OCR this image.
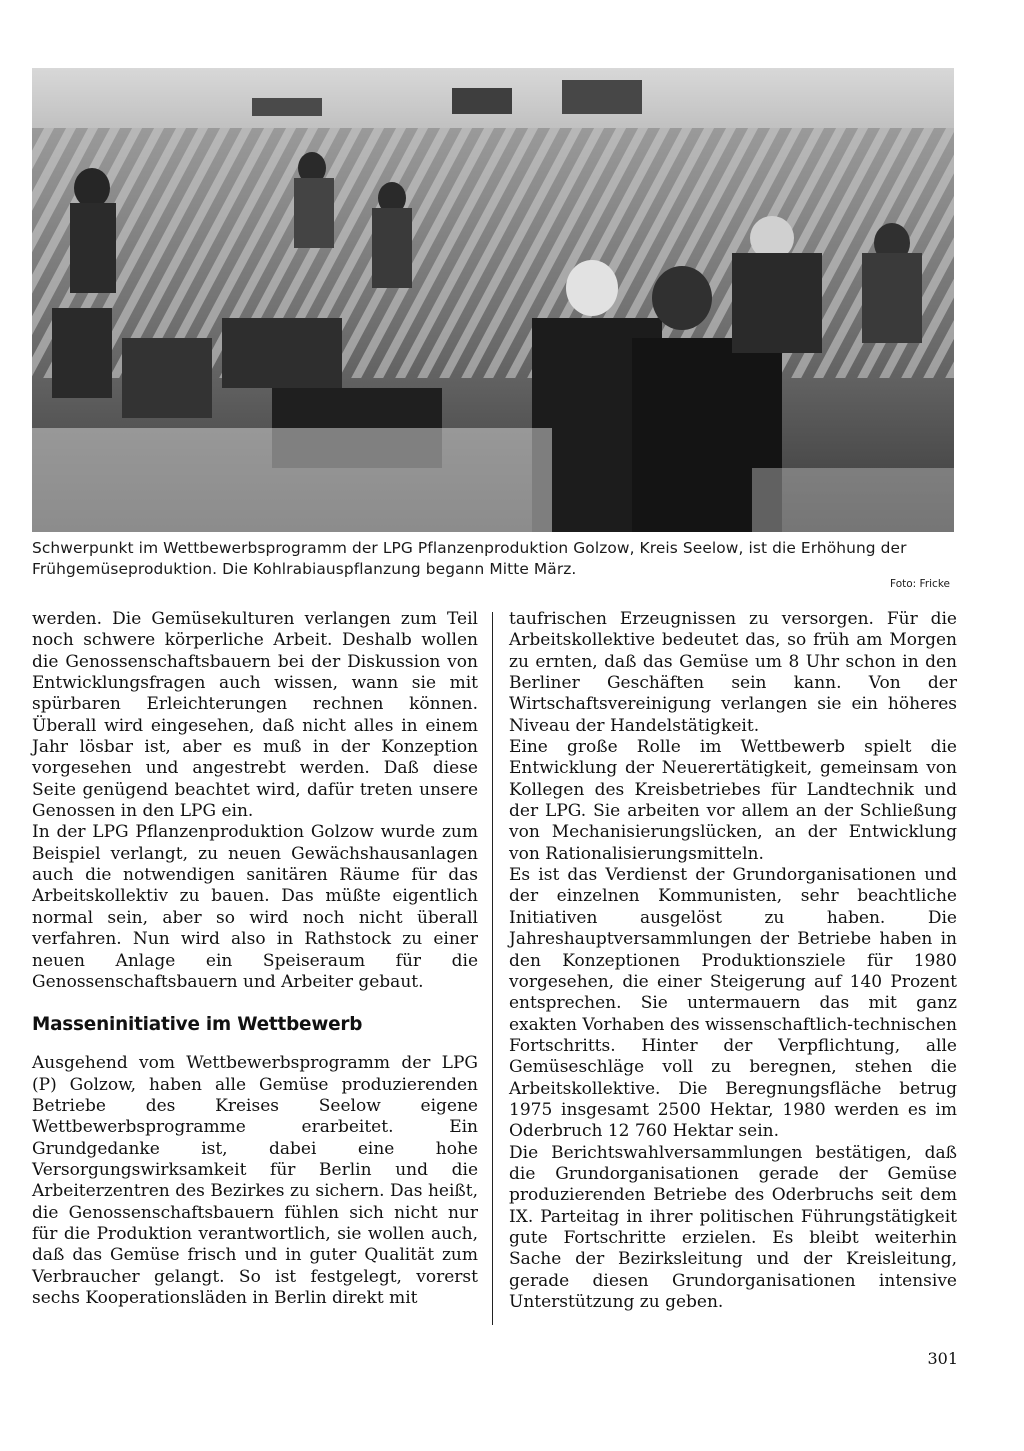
Schwerpunkt im Wettbewerbsprogramm der LPG Pflanzenproduktion Golzow, Kreis Seelow, ist die Erhöhung der Frühgemüseproduktion. Die Kohlrabiauspflanzung begann Mitte März.

Foto: Fricke

werden. Die Gemüsekulturen verlangen zum Teil noch schwere körperliche Arbeit. Deshalb wollen die Genossenschaftsbauern bei der Diskussion von Entwicklungsfragen auch wissen, wann sie mit spürbaren Erleichterungen rechnen können. Überall wird eingesehen, daß nicht alles in einem Jahr lösbar ist, aber es muß in der Konzeption vorgesehen und angestrebt werden. Daß diese Seite genügend beachtet wird, dafür treten unsere Genossen in den LPG ein.

In der LPG Pflanzenproduktion Golzow wurde zum Beispiel verlangt, zu neuen Gewächshausanlagen auch die notwendigen sanitären Räume für das Arbeitskollektiv zu bauen. Das müßte eigentlich normal sein, aber so wird noch nicht überall verfahren. Nun wird also in Rathstock zu einer neuen Anlage ein Speiseraum für die Genossenschaftsbauern und Arbeiter gebaut.

Masseninitiative im Wettbewerb

Ausgehend vom Wettbewerbsprogramm der LPG (P) Golzow, haben alle Gemüse produzierenden Betriebe des Kreises Seelow eigene Wettbewerbsprogramme erarbeitet. Ein Grundgedanke ist, dabei eine hohe Versorgungswirksamkeit für Berlin und die Arbeiterzentren des Bezirkes zu sichern. Das heißt, die Genossenschaftsbauern fühlen sich nicht nur für die Produktion verantwortlich, sie wollen auch, daß das Gemüse frisch und in guter Qualität zum Verbraucher gelangt. So ist festgelegt, vorerst sechs Kooperationsläden in Berlin direkt mit

taufrischen Erzeugnissen zu versorgen. Für die Arbeitskollektive bedeutet das, so früh am Morgen zu ernten, daß das Gemüse um 8 Uhr schon in den Berliner Geschäften sein kann. Von der Wirtschaftsvereinigung verlangen sie ein höheres Niveau der Handelstätigkeit.

Eine große Rolle im Wettbewerb spielt die Entwicklung der Neuerertätigkeit, gemeinsam von Kollegen des Kreisbetriebes für Landtechnik und der LPG. Sie arbeiten vor allem an der Schließung von Mechanisierungslücken, an der Entwicklung von Rationalisierungsmitteln.

Es ist das Verdienst der Grundorganisationen und der einzelnen Kommunisten, sehr beachtliche Initiativen ausgelöst zu haben. Die Jahreshauptversammlungen der Betriebe haben in den Konzeptionen Produktionsziele für 1980 vorgesehen, die einer Steigerung auf 140 Prozent entsprechen. Sie untermauern das mit ganz exakten Vorhaben des wissenschaftlich-technischen Fortschritts. Hinter der Verpflichtung, alle Gemüseschläge voll zu beregnen, stehen die Arbeitskollektive. Die Beregnungsfläche betrug 1975 insgesamt 2500 Hektar, 1980 werden es im Oderbruch 12 760 Hektar sein.

Die Berichtswahlversammlungen bestätigen, daß die Grundorganisationen gerade der Gemüse produzierenden Betriebe des Oderbruchs seit dem IX. Parteitag in ihrer politischen Führungstätigkeit gute Fortschritte erzielen. Es bleibt weiterhin Sache der Bezirksleitung und der Kreisleitung, gerade diesen Grundorganisationen intensive Unterstützung zu geben.

301
